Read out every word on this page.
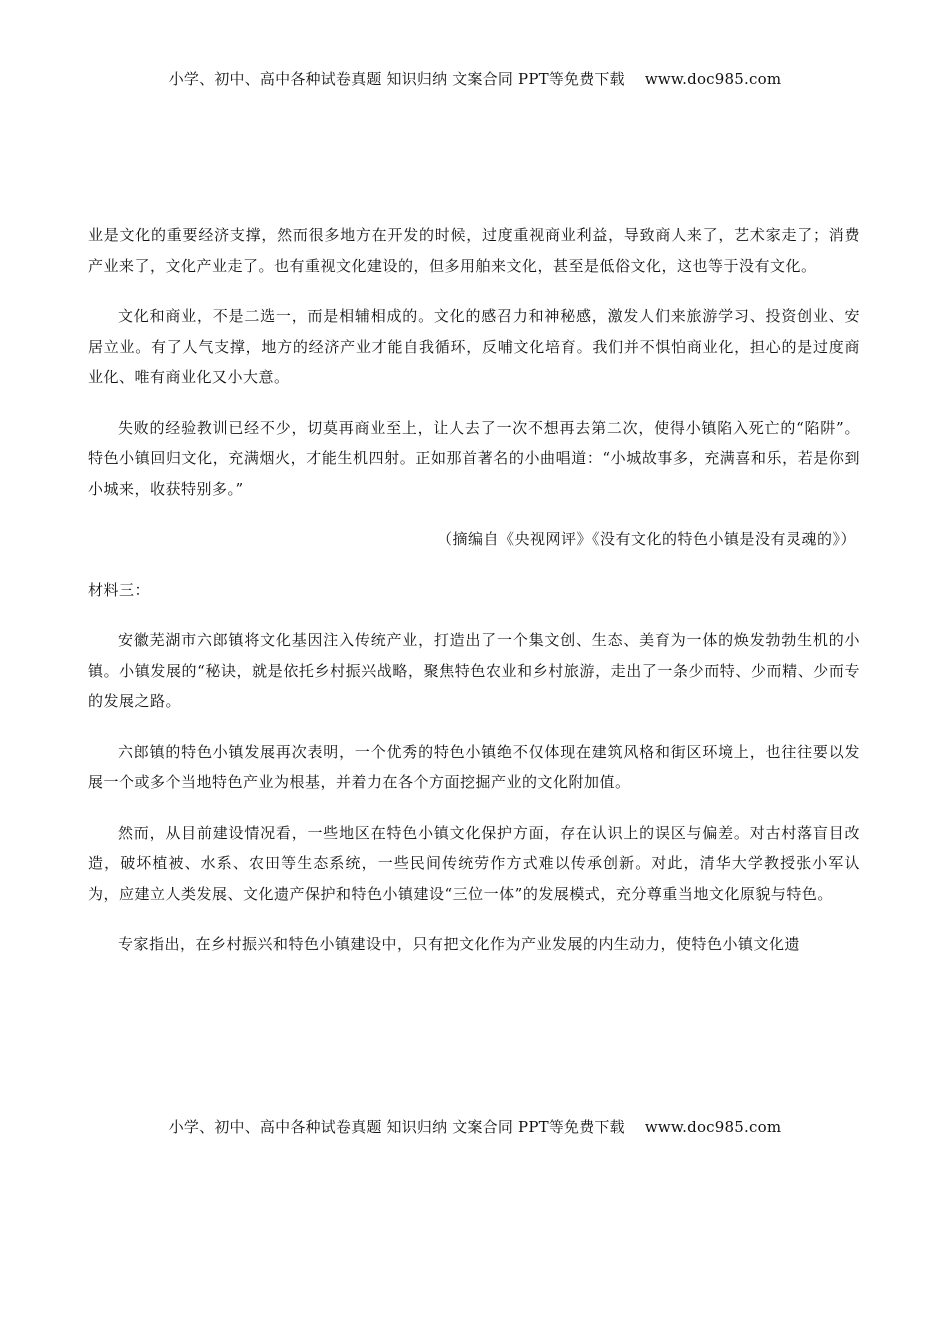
小学、初中、高中各种试卷真题 知识归纳 文案合同 PPT等免费下载 www.doc985.com

业是文化的重要经济支撑，然而很多地方在开发的时候，过度重视商业利益，导致商人来了，艺术家走了；消费产业来了，文化产业走了。也有重视文化建设的，但多用舶来文化，甚至是低俗文化，这也等于没有文化。

文化和商业，不是二选一，而是相辅相成的。文化的感召力和神秘感，激发人们来旅游学习、投资创业、安居立业。有了人气支撑，地方的经济产业才能自我循环，反哺文化培育。我们并不惧怕商业化，担心的是过度商业化、唯有商业化又小大意。

失败的经验教训已经不少，切莫再商业至上，让人去了一次不想再去第二次，使得小镇陷入死亡的“陷阱”。特色小镇回归文化，充满烟火，才能生机四射。正如那首著名的小曲唱道：“小城故事多，充满喜和乐，若是你到小城来，收获特别多。”

（摘编自《央视网评》《没有文化的特色小镇是没有灵魂的》）

材料三：

安徽芜湖市六郎镇将文化基因注入传统产业，打造出了一个集文创、生态、美育为一体的焕发勃勃生机的小镇。小镇发展的“秘诀，就是依托乡村振兴战略，聚焦特色农业和乡村旅游，走出了一条少而特、少而精、少而专的发展之路。

六郎镇的特色小镇发展再次表明，一个优秀的特色小镇绝不仅体现在建筑风格和街区环境上，也往往要以发展一个或多个当地特色产业为根基，并着力在各个方面挖掘产业的文化附加值。

然而，从目前建设情况看，一些地区在特色小镇文化保护方面，存在认识上的误区与偏差。对古村落盲目改造，破坏植被、水系、农田等生态系统，一些民间传统劳作方式难以传承创新。对此，清华大学教授张小军认为，应建立人类发展、文化遗产保护和特色小镇建设“三位一体”的发展模式，充分尊重当地文化原貌与特色。

专家指出，在乡村振兴和特色小镇建设中，只有把文化作为产业发展的内生动力，使特色小镇文化遗

小学、初中、高中各种试卷真题 知识归纳 文案合同 PPT等免费下载 www.doc985.com
